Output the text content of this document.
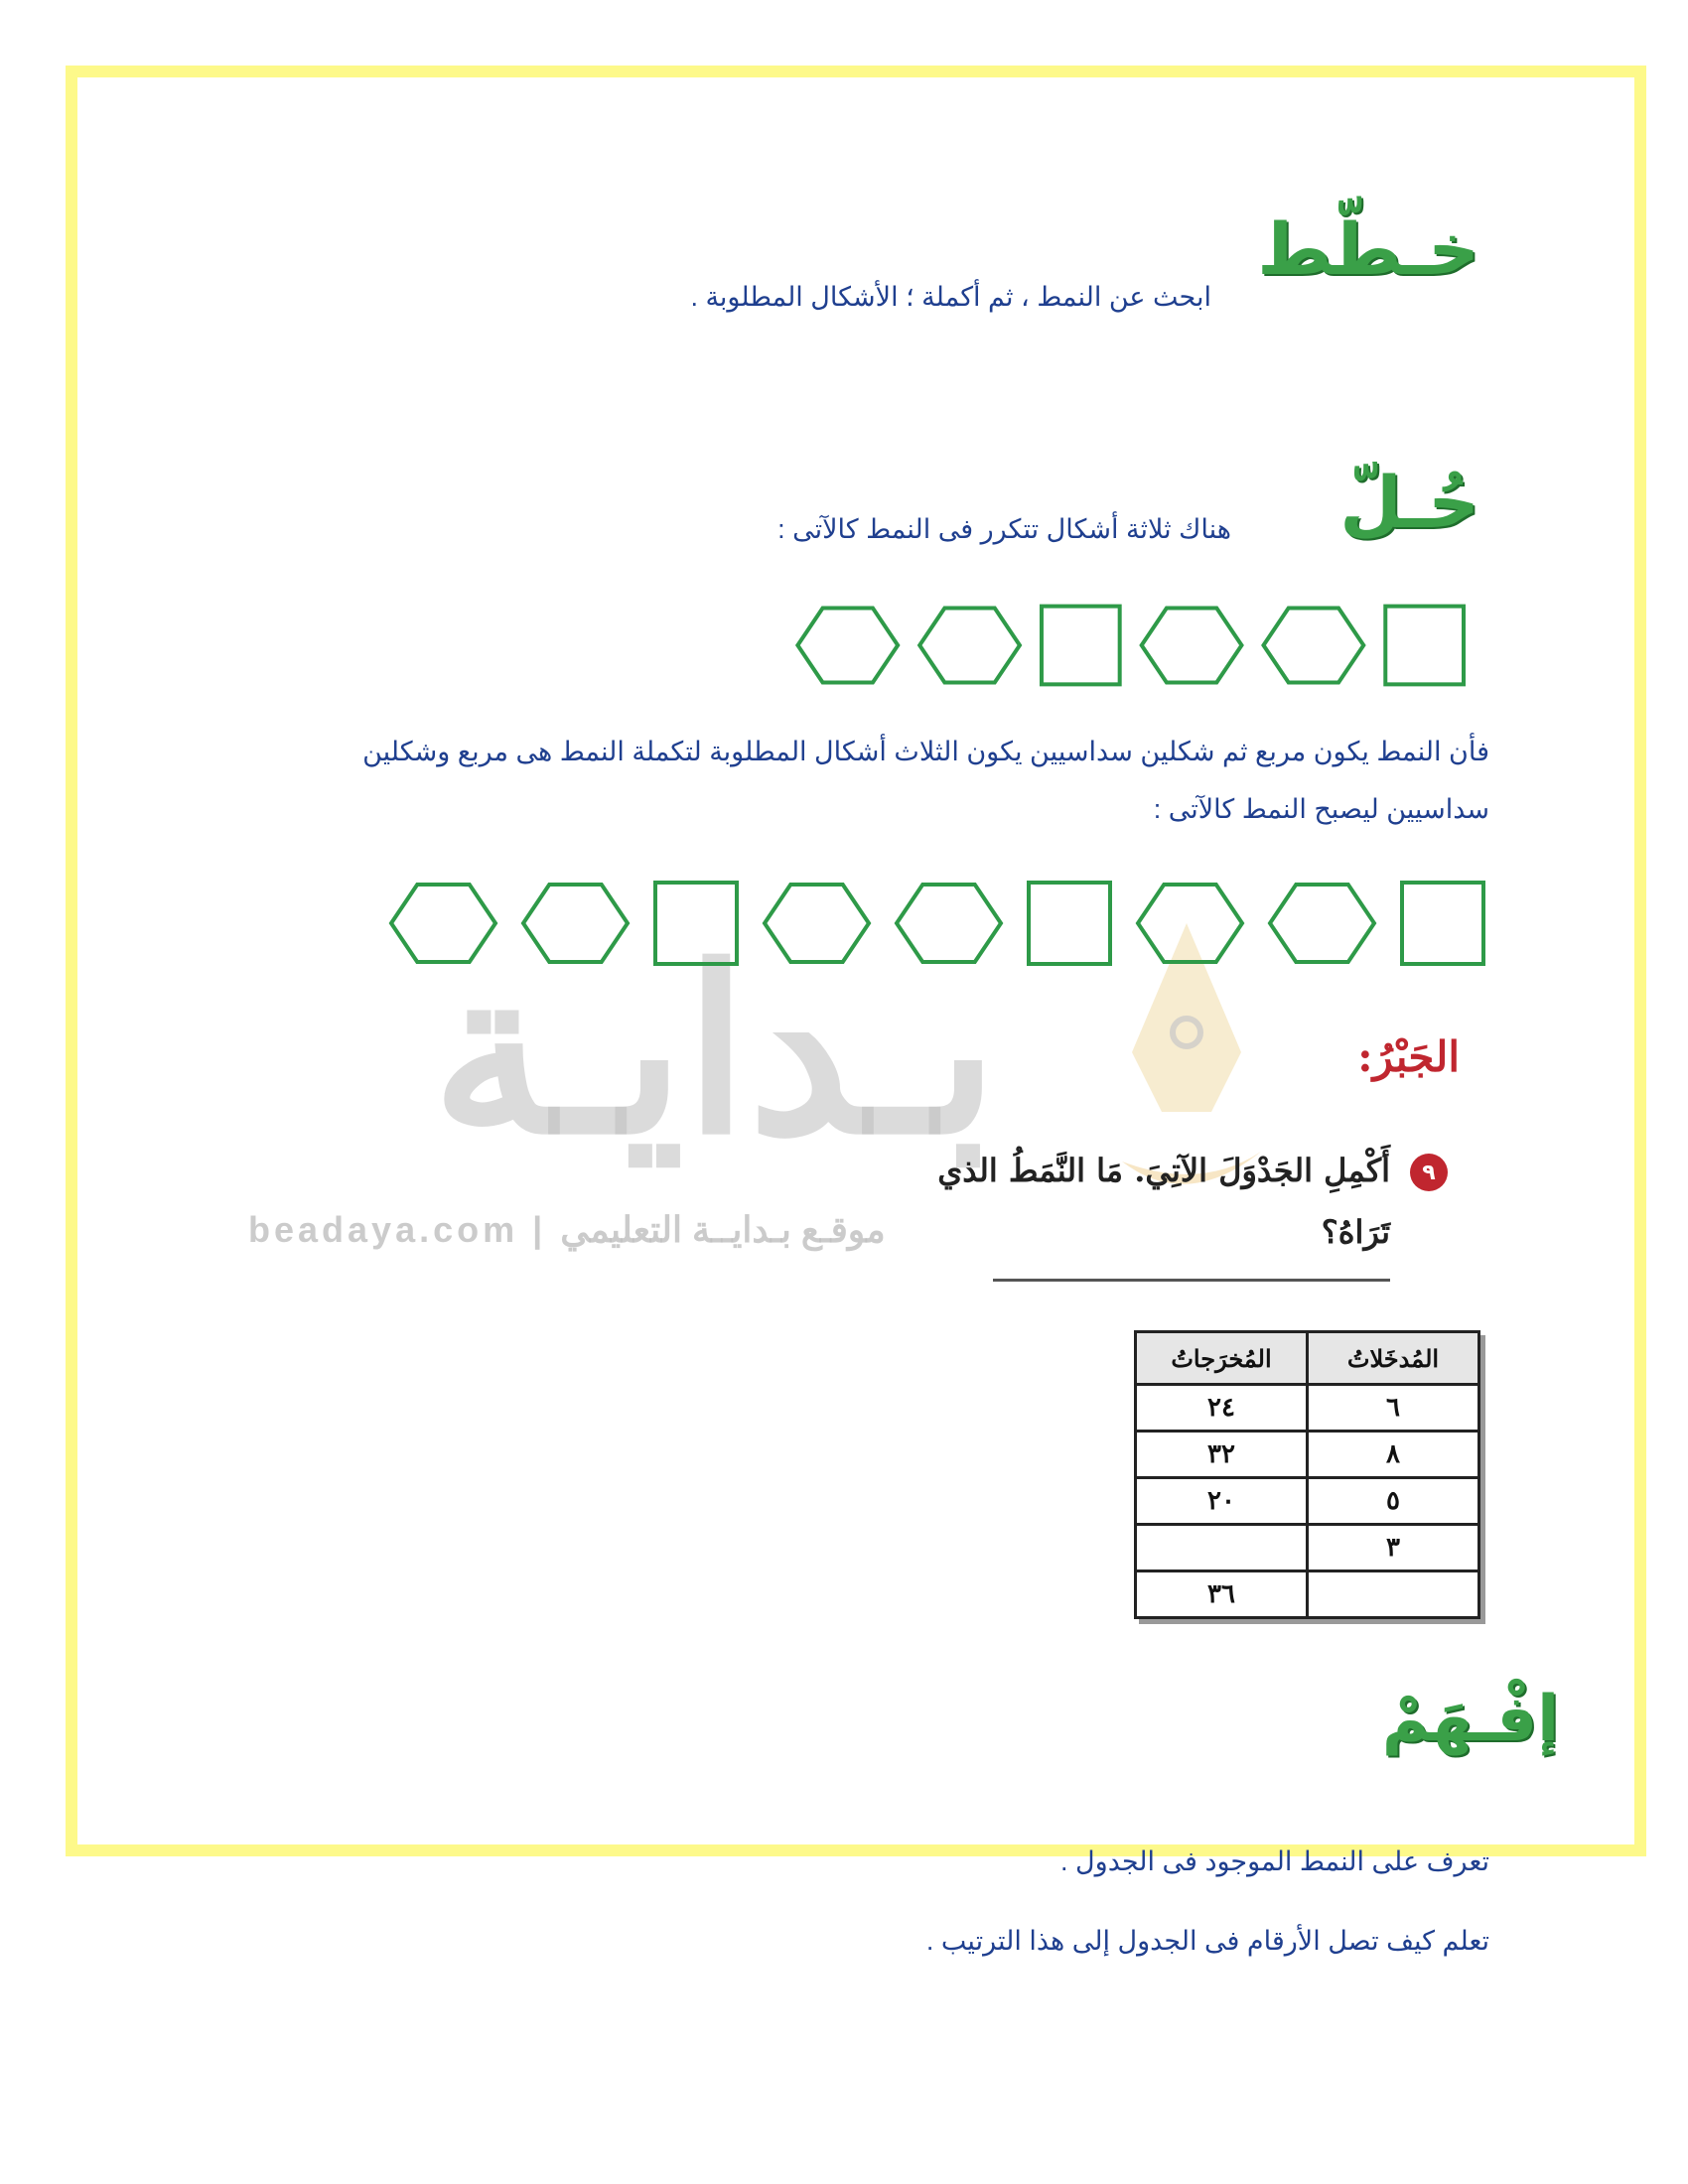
بـدايـة
beadaya.com | موقـع بـدايــة التعليمي
خـطّط
ابحث عن النمط ، ثم أكملة ؛ الأشكال المطلوبة .
حُـلّ
هناك ثلاثة أشكال تتكرر فى النمط كالآتى :
فأن النمط يكون مربع ثم شكلين سداسيين يكون الثلاث أشكال المطلوبة لتكملة النمط هى مربع وشكلين
سداسيين ليصبح النمط كالآتى :
الجَبْرُ:
٩
أَكْمِلِ الجَدْوَلَ الآتِيَ. مَا النَّمَطُ الذي
تَرَاهُ؟
المُدخَلاتُ	المُخرَجاتُ
٦	٢٤
٨	٣٢
٥	٢٠
٣	
	٣٦
إفْـهَمْ
تعرف على النمط الموجود فى الجدول .
تعلم كيف تصل الأرقام فى الجدول إلى هذا الترتيب .
